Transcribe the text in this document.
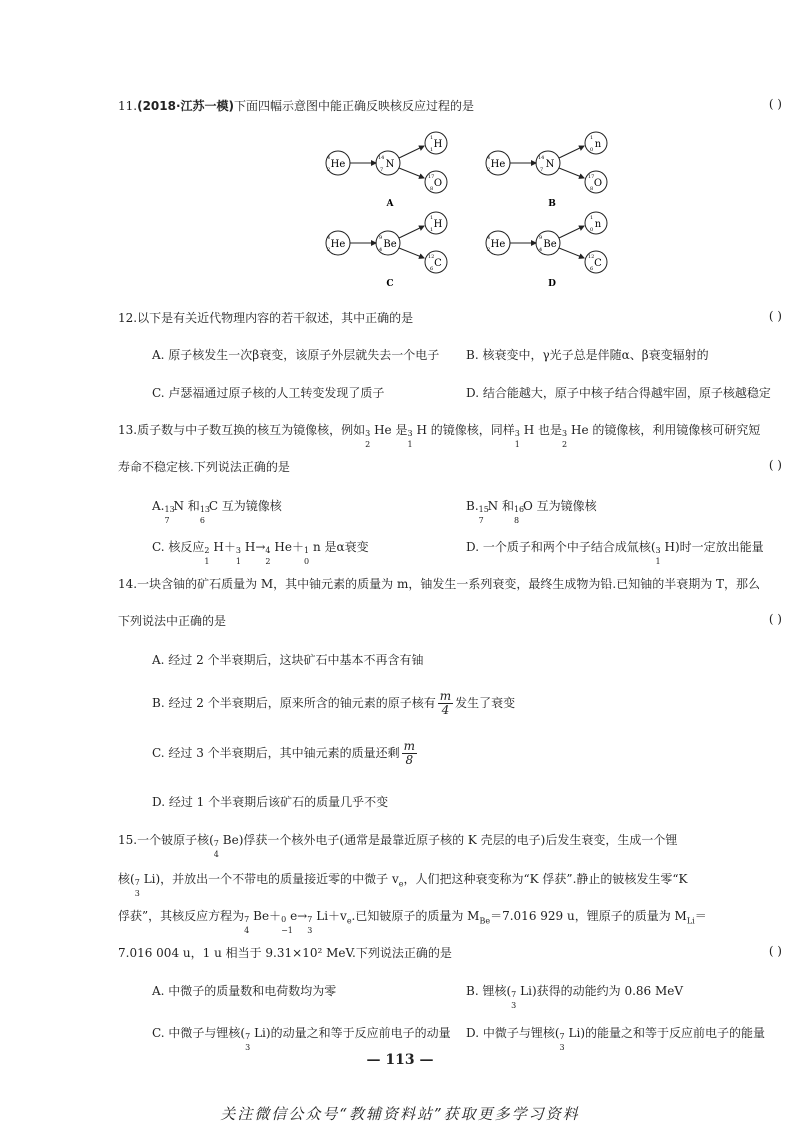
11.(2018·江苏一模)下面四幅示意图中能正确反映核反应过程的是	( )
He
4
2	N
14
7
H
1
1
O
17
8
A
He
4
2	N
14
7
n
1
0
O
17
8
B
He
4
2	Be
9
4
H
1
1
C
12
6
C
He
4
2	Be
9
4
n
1
0
C
12
6
D
12.以下是有关近代物理内容的若干叙述，其中正确的是	( )
A. 原子核发生一次β衰变，该原子外层就失去一个电子 B. 核衰变中，γ光子总是伴随α、β衰变辐射的
C. 卢瑟福通过原子核的人工转变发现了质子	D. 结合能越大，原子中核子结合得越牢固，原子核越稳定
13.质子数与中子数互换的核互为镜像核，例如 3
2
He 是 3
1
H 的镜像核，同样 3
1
H 也是 3
2
He 的镜像核，利用镜像核可研究短
寿命不稳定核.下列说法正确的是	( )
A. 13
7
N 和 13
6
C 互为镜像核	B. 15
7
N 和 16
8
O 互为镜像核
C. 核反应 2
1
H＋ 3
1
H→ 4
2
He＋ 1
0
n 是α衰变	D. 一个质子和两个中子结合成氚核( 3
1
H)时一定放出能量
14.一块含铀的矿石质量为 M，其中铀元素的质量为 m，铀发生一系列衰变，最终生成物为铅.已知铀的半衰期为 T，那么
下列说法中正确的是	( )
A. 经过 2 个半衰期后，这块矿石中基本不再含有铀
B. 经过 2 个半衰期后，原来所含的铀元素的原子核有 $\frac{m}{4}$ 发生了衰变
C. 经过 3 个半衰期后，其中铀元素的质量还剩 $\frac{m}{8}$
D. 经过 1 个半衰期后该矿石的质量几乎不变
15.一个铍原子核( 7
4
Be)俘获一个核外电子(通常是最靠近原子核的 K 壳层的电子)后发生衰变，生成一个锂
核( 7
3
Li)，并放出一个不带电的质量接近零的中微子 $v_e$，人们把这种衰变称为“K 俘获”.静止的铍核发生零“K
俘获”，其核反应方程为 7
4
Be＋ 0
−1
e→ 7
3
$Li+v_e$.已知铍原子的质量为 $M_{Be}=7.016$ 929 u，锂原子的质量为 $M_{Li}=$
7.016 004 u，1 u 相当于 9.31×10² MeV.下列说法正确的是	( )
A. 中微子的质量数和电荷数均为零	B. 锂核( 7
3
Li)获得的动能约为 0.86 MeV
C. 中微子与锂核( 7
3
Li)的动量之和等于反应前电子的动量 D. 中微子与锂核( 7
3
Li)的能量之和等于反应前电子的能量
— 113 —
关注微信公众号“教辅资料站”获取更多学习资料
